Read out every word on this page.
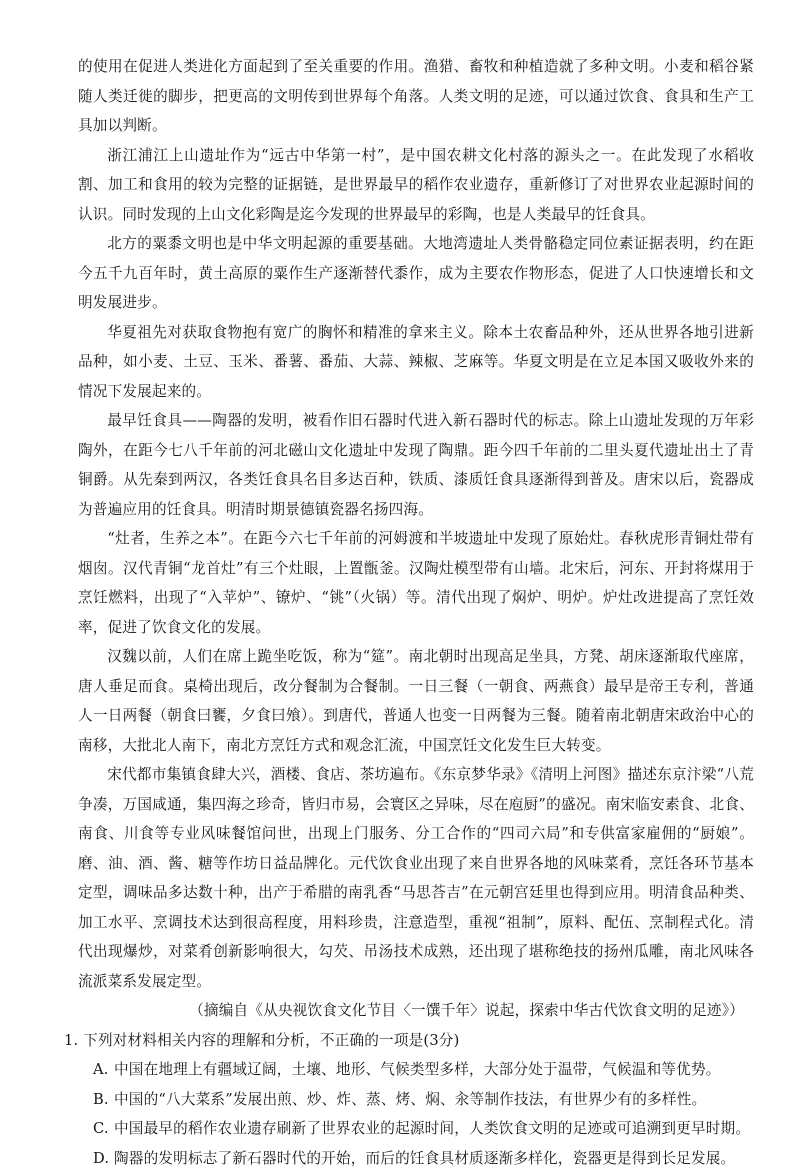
的使用在促进人类进化方面起到了至关重要的作用。渔猎、畜牧和种植造就了多种文明。小麦和稻谷紧随人类迁徙的脚步，把更高的文明传到世界每个角落。人类文明的足迹，可以通过饮食、食具和生产工具加以判断。

浙江浦江上山遗址作为“远古中华第一村”，是中国农耕文化村落的源头之一。在此发现了水稻收割、加工和食用的较为完整的证据链，是世界最早的稻作农业遗存，重新修订了对世界农业起源时间的认识。同时发现的上山文化彩陶是迄今发现的世界最早的彩陶，也是人类最早的饪食具。

北方的粟黍文明也是中华文明起源的重要基础。大地湾遗址人类骨骼稳定同位素证据表明，约在距今五千九百年时，黄土高原的粟作生产逐渐替代黍作，成为主要农作物形态，促进了人口快速增长和文明发展进步。

华夏祖先对获取食物抱有宽广的胸怀和精准的拿来主义。除本土农畜品种外，还从世界各地引进新品种，如小麦、土豆、玉米、番薯、番茄、大蒜、辣椒、芝麻等。华夏文明是在立足本国又吸收外来的情况下发展起来的。

最早饪食具——陶器的发明，被看作旧石器时代进入新石器时代的标志。除上山遗址发现的万年彩陶外，在距今七八千年前的河北磁山文化遗址中发现了陶鼎。距今四千年前的二里头夏代遗址出土了青铜爵。从先秦到两汉，各类饪食具名目多达百种，铁质、漆质饪食具逐渐得到普及。唐宋以后，瓷器成为普遍应用的饪食具。明清时期景德镇瓷器名扬四海。

“灶者，生养之本”。在距今六七千年前的河姆渡和半坡遗址中发现了原始灶。春秋虎形青铜灶带有烟囱。汉代青铜“龙首灶”有三个灶眼，上置甑釜。汉陶灶模型带有山墙。北宋后，河东、开封将煤用于烹饪燃料，出现了“入苹炉”、镣炉、“铫”（火锅）等。清代出现了焖炉、明炉。炉灶改进提高了烹饪效率，促进了饮食文化的发展。

汉魏以前，人们在席上跪坐吃饭，称为“筵”。南北朝时出现高足坐具，方凳、胡床逐渐取代座席，唐人垂足而食。桌椅出现后，改分餐制为合餐制。一日三餐（一朝食、两燕食）最早是帝王专利，普通人一日两餐（朝食曰饔，夕食曰飧）。到唐代，普通人也变一日两餐为三餐。随着南北朝唐宋政治中心的南移，大批北人南下，南北方烹饪方式和观念汇流，中国烹饪文化发生巨大转变。

宋代都市集镇食肆大兴，酒楼、食店、茶坊遍布。《东京梦华录》《清明上河图》描述东京汴梁“八荒争凑，万国咸通，集四海之珍奇，皆归市易，会寰区之异味，尽在庖厨”的盛况。南宋临安素食、北食、南食、川食等专业风味餐馆问世，出现上门服务、分工合作的“四司六局”和专供富家雇佣的“厨娘”。磨、油、酒、酱、糖等作坊日益品牌化。元代饮食业出现了来自世界各地的风味菜肴，烹饪各环节基本定型，调味品多达数十种，出产于希腊的南乳香“马思荅吉”在元朝宫廷里也得到应用。明清食品种类、加工水平、烹调技术达到很高程度，用料珍贵，注意造型，重视“祖制”，原料、配伍、烹制程式化。清代出现爆炒，对菜肴创新影响很大，勾芡、吊汤技术成熟，还出现了堪称绝技的扬州瓜雕，南北风味各流派菜系发展定型。

（摘编自《从央视饮食文化节目〈一馔千年〉说起，探索中华古代饮食文明的足迹》）

1. 下列对材料相关内容的理解和分析，不正确的一项是(3分)

A. 中国在地理上有疆域辽阔，土壤、地形、气候类型多样，大部分处于温带，气候温和等优势。

B. 中国的“八大菜系”发展出煎、炒、炸、蒸、烤、焖、汆等制作技法，有世界少有的多样性。

C. 中国最早的稻作农业遗存刷新了世界农业的起源时间，人类饮食文明的足迹或可追溯到更早时期。

D. 陶器的发明标志了新石器时代的开始，而后的饪食具材质逐渐多样化，瓷器更是得到长足发展。
